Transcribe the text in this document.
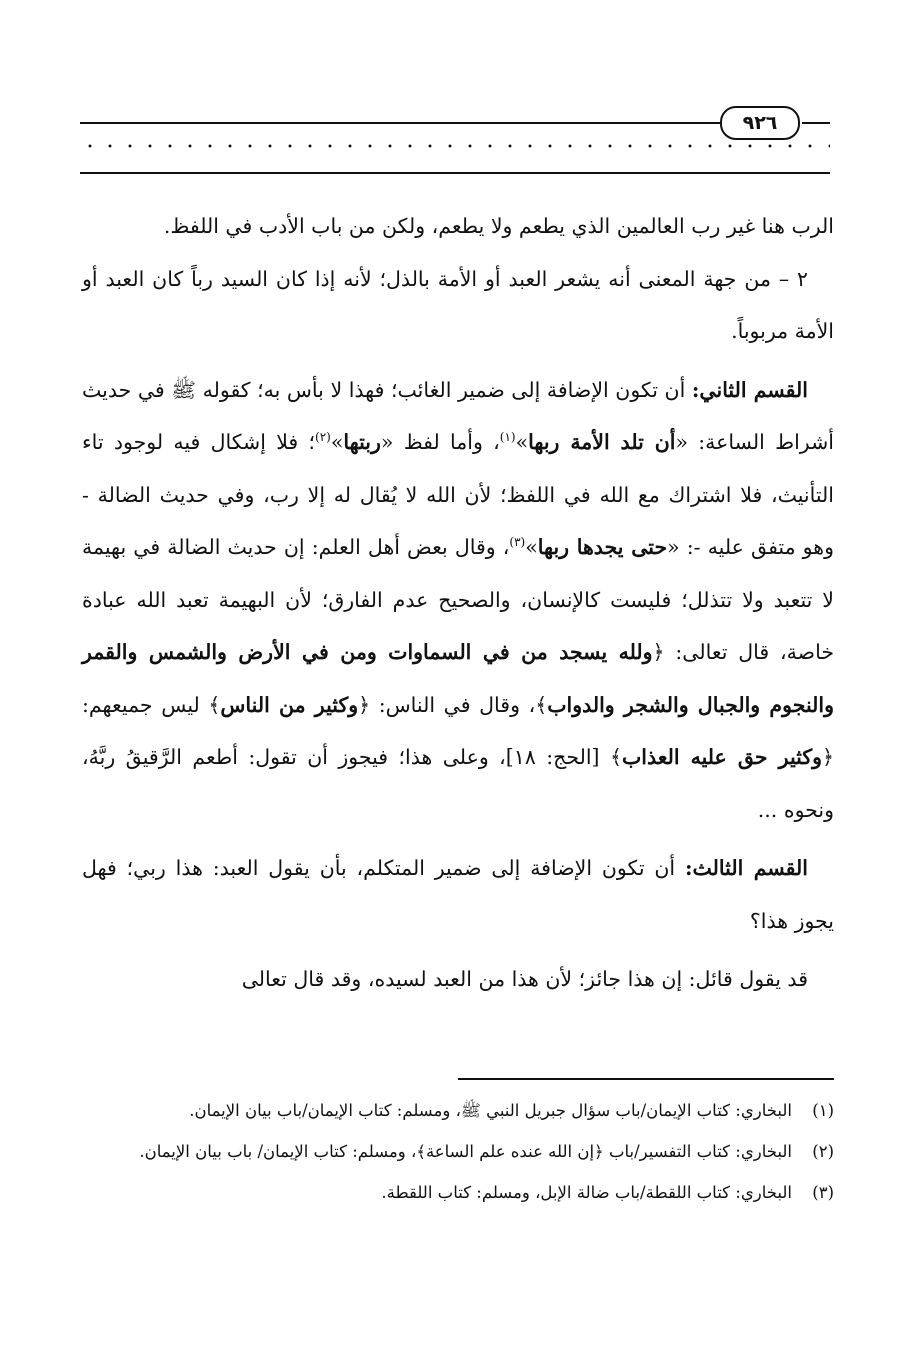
٩٢٦

الرب هنا غير رب العالمين الذي يطعم ولا يطعم، ولكن من باب الأدب في اللفظ.

٢ – من جهة المعنى أنه يشعر العبد أو الأمة بالذل؛ لأنه إذا كان السيد رباً كان العبد أو الأمة مربوباً.

القسم الثاني: أن تكون الإضافة إلى ضمير الغائب؛ فهذا لا بأس به؛ كقوله ﷺ في حديث أشراط الساعة: «أن تلد الأمة ربها»$^{(١)}$، وأما لفظ «ربتها»$^{(٢)}$؛ فلا إشكال فيه لوجود تاء التأنيث، فلا اشتراك مع الله في اللفظ؛ لأن الله لا يُقال له إلا رب، وفي حديث الضالة - وهو متفق عليه -: «حتى يجدها ربها»$^{(٣)}$، وقال بعض أهل العلم: إن حديث الضالة في بهيمة لا تتعبد ولا تتذلل؛ فليست كالإنسان، والصحيح عدم الفارق؛ لأن البهيمة تعبد الله عبادة خاصة، قال تعالى: ﴿ولله يسجد من في السماوات ومن في الأرض والشمس والقمر والنجوم والجبال والشجر والدواب﴾، وقال في الناس: ﴿وكثير من الناس﴾ ليس جميعهم: ﴿وكثير حق عليه العذاب﴾ [الحج: ١٨]، وعلى هذا؛ فيجوز أن تقول: أطعم الرَّقيقُ ربَّهُ، ونحوه ...

القسم الثالث: أن تكون الإضافة إلى ضمير المتكلم، بأن يقول العبد: هذا ربي؛ فهل يجوز هذا؟

قد يقول قائل: إن هذا جائز؛ لأن هذا من العبد لسيده، وقد قال تعالى

(١)
البخاري: كتاب الإيمان/باب سؤال جبريل النبي ﷺ، ومسلم: كتاب الإيمان/باب بيان الإيمان.
(٢)
البخاري: كتاب التفسير/باب ﴿إن الله عنده علم الساعة﴾، ومسلم: كتاب الإيمان/ باب بيان الإيمان.
(٣)
البخاري: كتاب اللقطة/باب ضالة الإبل، ومسلم: كتاب اللقطة.
